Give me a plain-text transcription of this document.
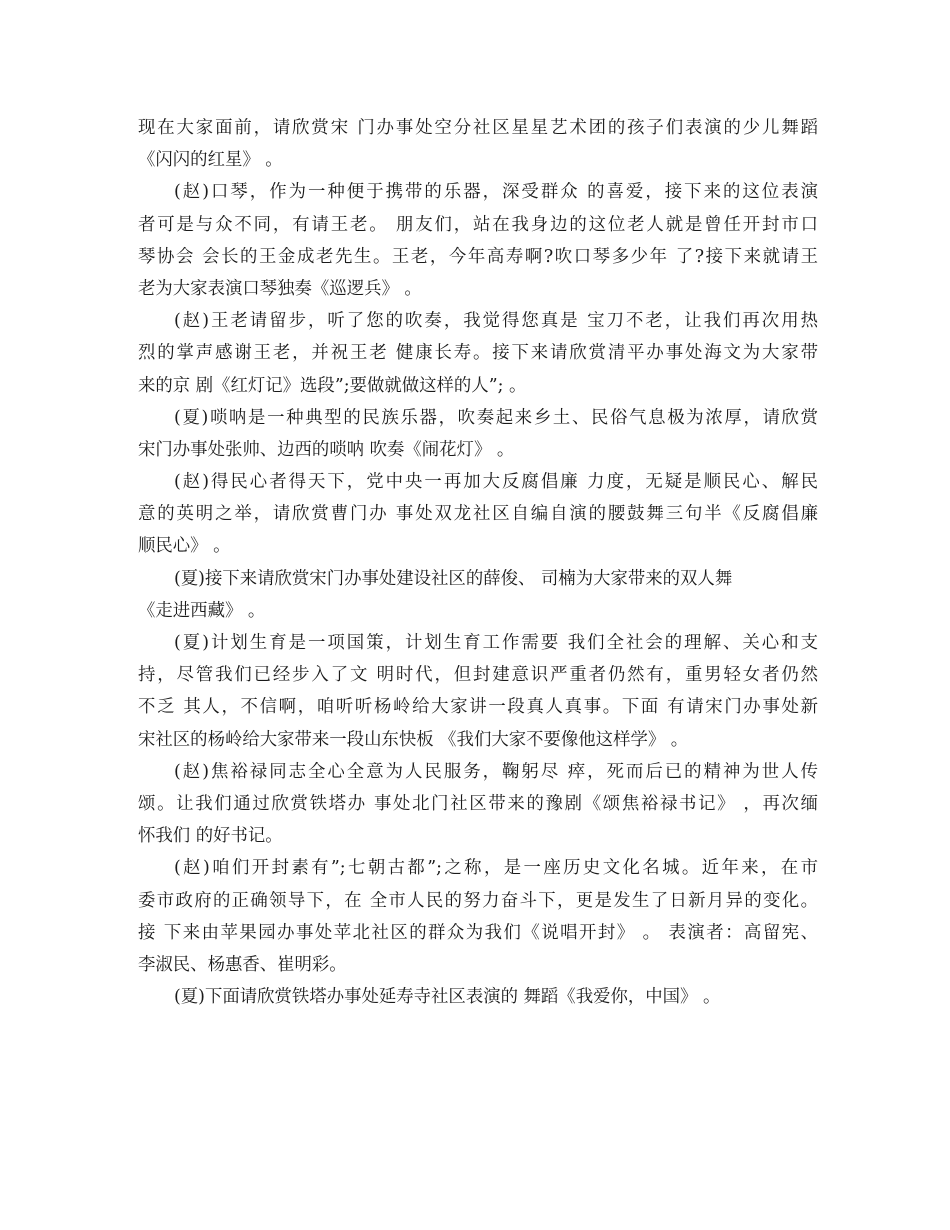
现在大家面前，请欣赏宋 门办事处空分社区星星艺术团的孩子们表演的少儿舞蹈
《闪闪的红星》 。
(赵)口琴，作为一种便于携带的乐器，深受群众 的喜爱，接下来的这位表演
者可是与众不同，有请王老。 朋友们，站在我身边的这位老人就是曾任开封市口
琴协会 会长的王金成老先生。王老，今年高寿啊?吹口琴多少年 了?接下来就请王
老为大家表演口琴独奏《巡逻兵》 。
(赵)王老请留步，听了您的吹奏，我觉得您真是 宝刀不老，让我们再次用热
烈的掌声感谢王老，并祝王老 健康长寿。接下来请欣赏清平办事处海文为大家带
来的京 剧《红灯记》选段”;要做就做这样的人”; 。
(夏)唢呐是一种典型的民族乐器，吹奏起来乡土、民俗气息极为浓厚，请欣赏
宋门办事处张帅、边西的唢呐 吹奏《闹花灯》 。
(赵)得民心者得天下，党中央一再加大反腐倡廉 力度，无疑是顺民心、解民
意的英明之举，请欣赏曹门办 事处双龙社区自编自演的腰鼓舞三句半《反腐倡廉
顺民心》 。
(夏)接下来请欣赏宋门办事处建设社区的薛俊、 司楠为大家带来的双人舞
《走进西藏》 。
(夏)计划生育是一项国策，计划生育工作需要 我们全社会的理解、关心和支
持，尽管我们已经步入了文 明时代，但封建意识严重者仍然有，重男轻女者仍然
不乏 其人，不信啊，咱听听杨岭给大家讲一段真人真事。下面 有请宋门办事处新
宋社区的杨岭给大家带来一段山东快板 《我们大家不要像他这样学》 。
(赵)焦裕禄同志全心全意为人民服务，鞠躬尽 瘁，死而后已的精神为世人传
颂。让我们通过欣赏铁塔办 事处北门社区带来的豫剧《颂焦裕禄书记》 ，再次缅
怀我们 的好书记。
(赵)咱们开封素有”;七朝古都”;之称，是一座历史文化名城。近年来，在市
委市政府的正确领导下，在 全市人民的努力奋斗下，更是发生了日新月异的变化。
接 下来由苹果园办事处苹北社区的群众为我们《说唱开封》 。 表演者：高留宪、
李淑民、杨惠香、崔明彩。
(夏)下面请欣赏铁塔办事处延寿寺社区表演的 舞蹈《我爱你，中国》 。
